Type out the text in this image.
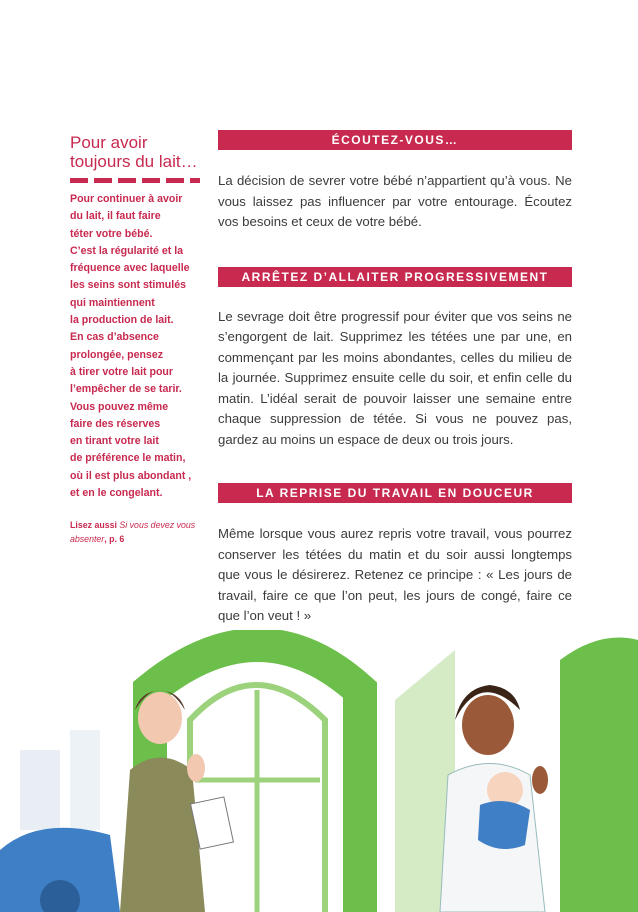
Pour avoir toujours du lait…

Pour continuer à avoir

du lait, il faut faire

téter votre bébé.

C’est la régularité et la

fréquence avec laquelle

les seins sont stimulés

qui maintiennent

la production de lait.

En cas d’absence

prolongée, pensez

à tirer votre lait pour

l’empêcher de se tarir.

Vous pouvez même

faire des réserves

en tirant votre lait

de préférence le matin,

où il est plus abondant ,

et en le congelant.

Lisez aussi Si vous devez vous absenter, p. 6
ÉCOUTEZ-VOUS…

La décision de sevrer votre bébé n’appartient qu’à vous. Ne vous laissez pas influencer par votre entourage. Écoutez vos besoins et ceux de votre bébé.

ARRÊTEZ D’ALLAITER PROGRESSIVEMENT

Le sevrage doit être progressif pour éviter que vos seins ne s’engorgent de lait. Supprimez les tétées une par une, en commençant par les moins abondantes, celles du milieu de la journée. Supprimez ensuite celle du soir, et enfin celle du matin. L’idéal serait de pouvoir laisser une semaine entre chaque suppression de tétée. Si vous ne pouvez pas, gardez au moins un espace de deux ou trois jours.

LA REPRISE DU TRAVAIL EN DOUCEUR

Même lorsque vous aurez repris votre travail, vous pourrez conserver les tétées du matin et du soir aussi longtemps que vous le désirerez. Retenez ce principe : « Les jours de travail, faire ce que l’on peut, les jours de congé, faire ce que l’on veut ! »
